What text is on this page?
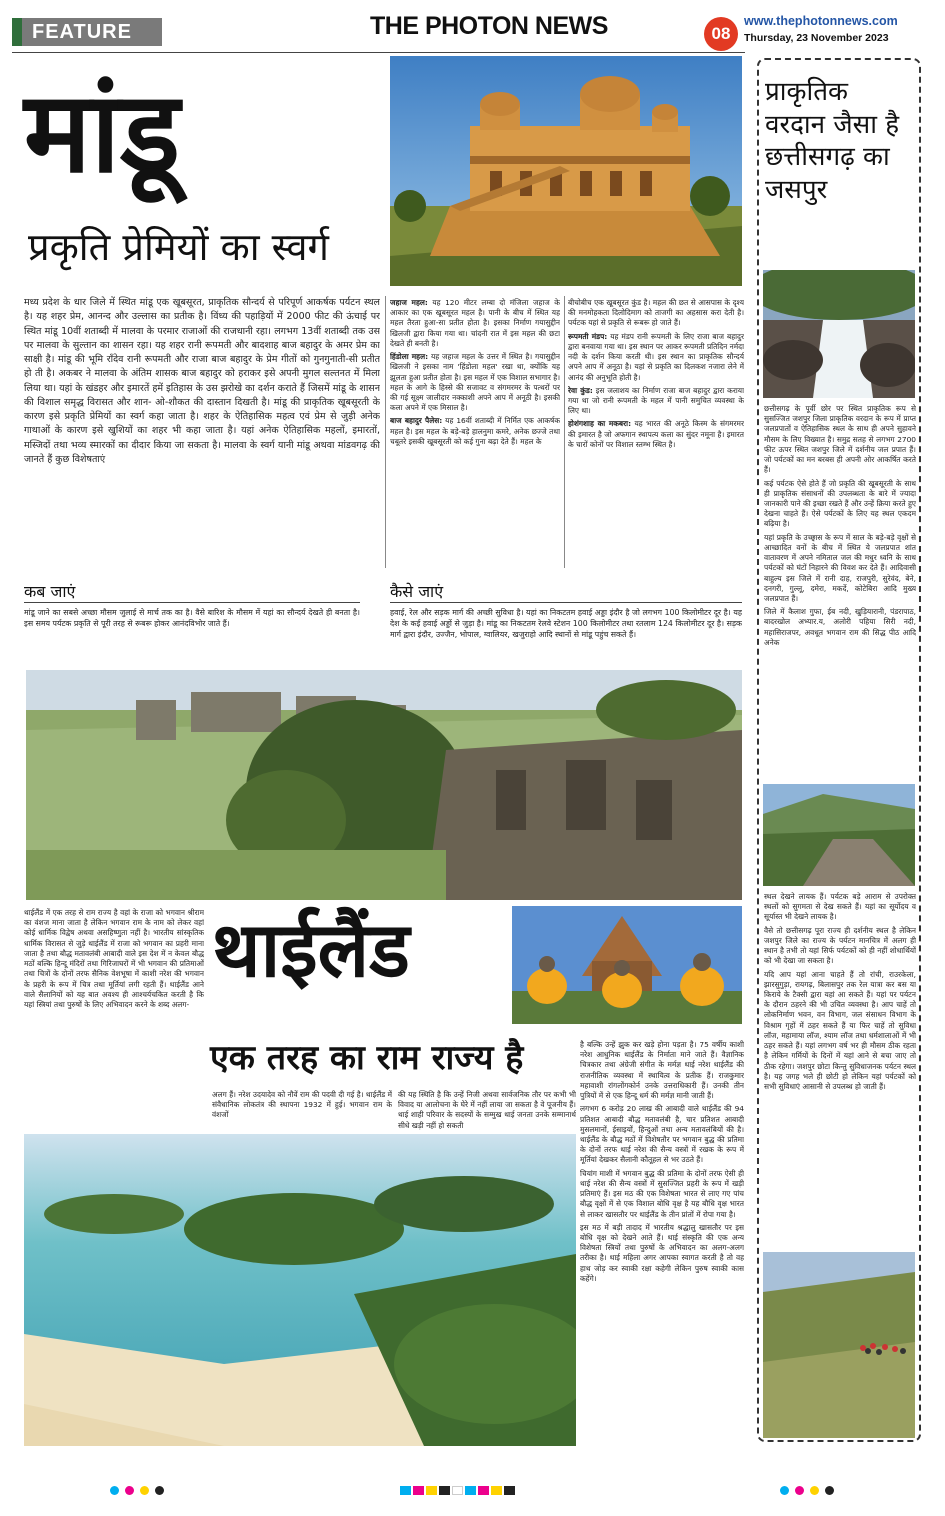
FEATURE	THE PHOTON NEWS	08
www.thephotonnews.com
Thursday, 23 November 2023
मांडू
प्रकृति प्रेमियों का स्वर्ग
मध्य प्रदेश के धार जिले में स्थित मांडू एक खूबसूरत, प्राकृतिक सौन्दर्य से परिपूर्ण आकर्षक पर्यटन स्थल है। यह शहर प्रेम, आनन्द और उल्लास का प्रतीक है। विंध्य की पहाड़ियों में 2000 फीट की ऊंचाई पर स्थित मांडू 10वीं शताब्दी में मालवा के परमार राजाओं की राजधानी रहा। लगभग 13वीं शताब्दी तक उस पर मालवा के सुल्तान का शासन रहा। यह शहर रानी रूपमती और बादशाह बाज बहादुर के अमर प्रेम का साक्षी है। मांडू की भूमि राँदेव रानी रूपमती और राजा बाज बहादुर के प्रेम गीतों को गुनगुनाती-सी प्रतीत हो ती है। अकबर ने मालवा के अंतिम शासक बाज बहादुर को हराकर इसे अपनी मुगल सल्तनत में मिला लिया था। यहां के खंडहर और इमारतें हमें इतिहास के उस झरोखे का दर्शन कराते हैं जिसमें मांडू के शासन की विशाल समृद्ध विरासत और शान- ओ-शौकत की दास्तान दिखती है। मांडू की प्राकृतिक खूबसूरती के कारण इसे प्रकृति प्रेमियों का स्वर्ग कहा जाता है। शहर के ऐतिहासिक महत्व एवं प्रेम से जुड़ी अनेक गाथाओं के कारण इसे खुशियों का शहर भी कहा जाता है। यहां अनेक ऐतिहासिक महलों, इमारतों, मस्जिदों तथा भव्य स्मारकों का दीदार किया जा सकता है। मालवा के स्वर्ग यानी मांडू अथवा मांडवगढ़ की जानते हैं कुछ विशेषताएं

जहाज महल: यह 120 मीटर लम्बा दो मंजिला जहाज के आकार का एक खूबसूरत महल है। पानी के बीच में स्थित यह महल तैरता हुआ-सा प्रतीत होता है। इसका निर्माण गयासुद्दीन खिलजी द्वारा किया गया था। चांदनी रात में इस महल की छटा देखते ही बनती है।

हिंडोला महल: यह जहाज महल के उत्तर में स्थित है। गयासुद्दीन खिलजी ने इसका नाम 'हिंडोला महल' रखा था, क्योंकि यह झूलता हुआ प्रतीत होता है। इस महल में एक विशाल सभागार है। महल के आगे के हिस्से की सजावट व संगमरमर के पत्थरों पर की गई सूक्ष्म जालीदार नक्काशी अपने आप में अनूठी है। इसकी कला अपने में एक मिसाल है।

बाज बहादुर पैलेस: यह 16वीं शताब्दी में निर्मित एक आकर्षक महल है। इस महल के बड़े-बड़े हालनुमा कमरे, अनेक छज्जे तथा चबूतरे इसकी खूबसूरती को कई गुना बढ़ा देते हैं। महल के

बीचोबीच एक खूबसूरत कुंड है। महल की छत से आसपास के दृश्य की मनमोहकता दिलोदिमाग को ताजगी का अहसास करा देती है। पर्यटक यहां से प्रकृति से रूबरू हो जाते हैं।

रूपमती मंडप: यह मंडप रानी रूपमती के लिए राजा बाज बहादुर द्वारा बनवाया गया था। इस स्थान पर आकर रूपमती प्रतिदिन नर्मदा नदी के दर्शन किया करती थी। इस स्थान का प्राकृतिक सौन्दर्य अपने आप में अनूठा है। यहां से प्रकृति का दिलकश नजारा लेने में आनंद की अनुभूति होती है।

रेवा कुंड: इस जलाशय का निर्माण राजा बाज बहादुर द्वारा कराया गया था जो रानी रूपमती के महल में पानी समुचित व्यवस्था के लिए था।

होशंगशाह का मकबरा: यह भारत की अनूठे किस्म के संगमरमर की इमारत है जो अफगान स्थापत्य कला का सुंदर नमूना है। इमारत के चारों कोनों पर विशाल स्तम्भ स्थित है।

कब जाएं
मांडू जाने का सबसे अच्छा मौसम जुलाई से मार्च तक का है। वैसे बारिश के मौसम में यहां का सौन्दर्य देखते ही बनता है। इस समय पर्यटक प्रकृति से पूरी तरह से रूबरू होकर आनंदविभोर जाते हैं।
कैसे जाएं
हवाई, रेल और सड़क मार्ग की अच्छी सुविधा है। यहां का निकटतम हवाई अड्डा इंदौर है जो लगभग 100 किलोमीटर दूर है। यह देश के कई हवाई अड्डों से जुड़ा है। मांडू का निकटतम रेलवे स्टेशन 100 किलोमीटर तथा रतलाम 124 किलोमीटर दूर है। सड़क मार्ग द्वारा इंदौर, उज्जैन, भोपाल, ग्वालियर, खजुराहो आदि स्थानों से मांडू पहुंच सकते हैं।
थाईलैंड में एक तरह से राम राज्य है वहां के राजा को भगवान श्रीराम का वंशज माना जाता है लेकिन भगवान राम के नाम को लेकर वहां कोई धार्मिक विद्वेष अथवा असहिष्णुता नहीं है। भारतीय सांस्कृतिक धार्मिक विरासत से जुड़े थाईलैंड में राजा को भगवान का प्रहरी माना जाता है तथा बौद्ध मतावलंबी आबादी वाले इस देश में न केवल बौद्ध मठों बल्कि हिन्दू मंदिरों तथा गिरिजाघरों में भी भगवान की प्रतिमाओं तथा चित्रों के दोनों तरफ सैनिक वेशभूषा में काशी नरेश की भगवान के प्रहरी के रूप में चित्र तथा मूर्तियां लगी रहती हैं। थाईलैंड आने वाले सैलानियों को यह बात अवश्य ही आश्चर्यचकित करती है कि यहां स्त्रियां तथा पुरुषों के लिए अभिवादन करने के शब्द अलग-
थाईलैंड
एक तरह का राम राज्य है
अलग हैं। नरेश उदयादेव को नौवें राम की पदवी दी गई है। थाईलैंड में संवैधानिक लोकतंत्र की स्थापना 1932 में हुई। भगवान राम के वंशजों
की यह स्थिति है कि उन्हें निजी अथवा सार्वजनिक तौर पर कभी भी विवाद या आलोचना के घेरे में नहीं लाया जा सकता है वे पूजनीय हैं। थाई शाही परिवार के सदस्यों के सम्मुख थाई जनता उनके सम्मानार्थ सीधे खड़ी नहीं हो सकती

है बल्कि उन्हें झुक कर खड़े होना पड़ता है। 75 वर्षीय काशी नरेश आधुनिक थाईलैंड के निर्माता माने जाते हैं। वैज्ञानिक चित्रकार तथा अंग्रेजी संगीत के मर्मज्ञ थाई नरेश थाईलैंड की राजनीतिक व्यवस्था में स्थायित्व के प्रतीक हैं। राजकुमार महावाशी रांगलोंगकोर्न उनके उत्तराधिकारी हैं। उनकी तीन पुत्रियों में से एक हिन्दू धर्म की मर्मज्ञ मानी जाती हैं।

लगभग 6 करोड़ 20 लाख की आबादी वाले थाईलैंड की 94 प्रतिशत आबादी बौद्ध मतावलंबी है, चार प्रतिशत आबादी मुसलमानों, ईसाइयों, हिन्दुओं तथा अन्य मतावलंबियों की है। थाईलैंड के बौद्ध मठों में विशेषतौर पर भगवान बुद्ध की प्रतिमा के दोनों तरफ थाई नरेश की सैन्य वस्त्रों में रखक के रूप में मूर्तियां देखकर सैलानी कौतूहल से भर उठते हैं।

चियांग माशी में भगवान बुद्ध की प्रतिमा के दोनों तरफ ऐसी ही थाई नरेश की सैन्य वस्त्रों में सुसज्जित प्रहरी के रूप में खड़ी प्रतिमाएं हैं। इस मठ की एक विशेषता भारत से लाए गए पांच बौद्ध वृक्षों में से एक विशाल बोधि वृक्ष है यह बौधि वृक्ष भारत से लाकर खासतौर पर थाईलैंड के तीन प्रांतों में रोपा गया है।

इस मठ में बड़ी तादाद में भारतीय श्रद्धालु खासतौर पर इस बोधि वृक्ष को देखने आते हैं। थाई संस्कृति की एक अन्य विशेषता स्त्रियों तथा पुरुषों के अभिवादन का अलग-अलग तरीका है। थाई महिला अगर आपका स्वागत करती है तो वह हाथ जोड़ कर स्वाकी रक्षा कहेगी लेकिन पुरुष स्वाकी कास कहेंगे।

प्राकृतिक वरदान जैसा है छत्तीसगढ़ का जसपुर

छत्तीसगढ़ के पूर्वी छोर पर स्थित प्राकृतिक रूप से सुसज्जित जशपुर जिला प्राकृतिक वरदान के रूप में प्राप्त जलप्रपातों व ऐतिहासिक स्थल के साथ ही अपने सुहावने मौसम के लिए विख्यात है। समुद्र सतह से लगभग 2700 फीट ऊपर स्थित जशपुर जिले में दर्शनीय जल प्रपात हैं। जो पर्यटकों का मन बरबस ही अपनी ओर आकर्षित करते हैं।

कई पर्यटक ऐसे होते हैं जो प्रकृति की खूबसूरती के साथ ही प्राकृतिक संसाधनों की उपलब्धता के बारे में ज्यादा जानकारी पाने की इच्छा रखते हैं और उन्हें क्रिया करते हुए देखना चाहते हैं। ऐसे पर्यटकों के लिए यह स्थल एकदम बढ़िया है।

यहां प्रकृति के उच्छ्वास के रूप में साल के बड़े-बड़े वृक्षों से आच्छादित वनों के बीच में स्थित ये जलप्रपात शांत वातावरण में अपने नमिताल जल की मधुर ध्वनि के साथ पर्यटकों को घंटों निहारने की विवश कर देते हैं। आदिवासी बाहुल्य इस जिले में रानी दाह, राजपुरी, सुरेवंद, बेने, दनगरी, गुल्लू, दमेरा, मकर्दे, कोटेबिरा आदि मुख्य जलप्रपात हैं।

जिले में कैलाश गुफा, ईब नदी, खुड़ियारानी, पंडरापाठ, बादरखोल अभ्यार.य, अलोरी पहिया सिरी नदी, महासिराजपर, अवधूत भगवान राम की सिद्ध पीठ आदि अनेक

स्थल देखने लायक हैं। पर्यटक बड़े आराम से उपरोक्त स्थलों को सुगमता से देख सकते हैं। यहां का सूर्योदय व सूर्यास्त भी देखने लायक है।

वैसे तो छत्तीसगढ़ पूरा राज्य ही दर्शनीय स्थल है लेकिन जशपुर जिले का राज्य के पर्यटन मानचित्र में अलग ही स्थान है तभी तो यहां सिर्फ पर्यटकों को ही नहीं शोधार्थियों को भी देखा जा सकता है।

यदि आप यहां आना चाहते हैं तो रांची, राउरकेला, झारसुगुड़ा, रायगढ़, बिलासपुर तक रेल यात्रा कर बस या किराये के टैक्सी द्वारा यहां आ सकते हैं। यहां पर पर्यटन के दौरान ठहरने की भी उचित व्यवस्था है। आप चाहें तो लोकनिर्माण भवन, वन विभाग, जल संसाधन विभाग के विश्राम गृहों में ठहर सकते हैं या फिर चाहें तो सुविधा लॉज, महामाया लॉज, श्याम लॉज तथा धर्मशालाओं में भी ठहर सकते हैं। यहां लगभग वर्ष भर ही मौसम ठीक रहता है लेकिन गर्मियों के दिनों में यहां आने से बचा जाए तो ठीक रहेगा। जशपुर छोटा किन्तु सुविधाजनक पर्यटन स्थल है। यह जगह भले ही छोटी हो लेकिन यहां पर्यटकों को सभी सुविधाएं आसानी से उपलब्ध हो जाती हैं।
